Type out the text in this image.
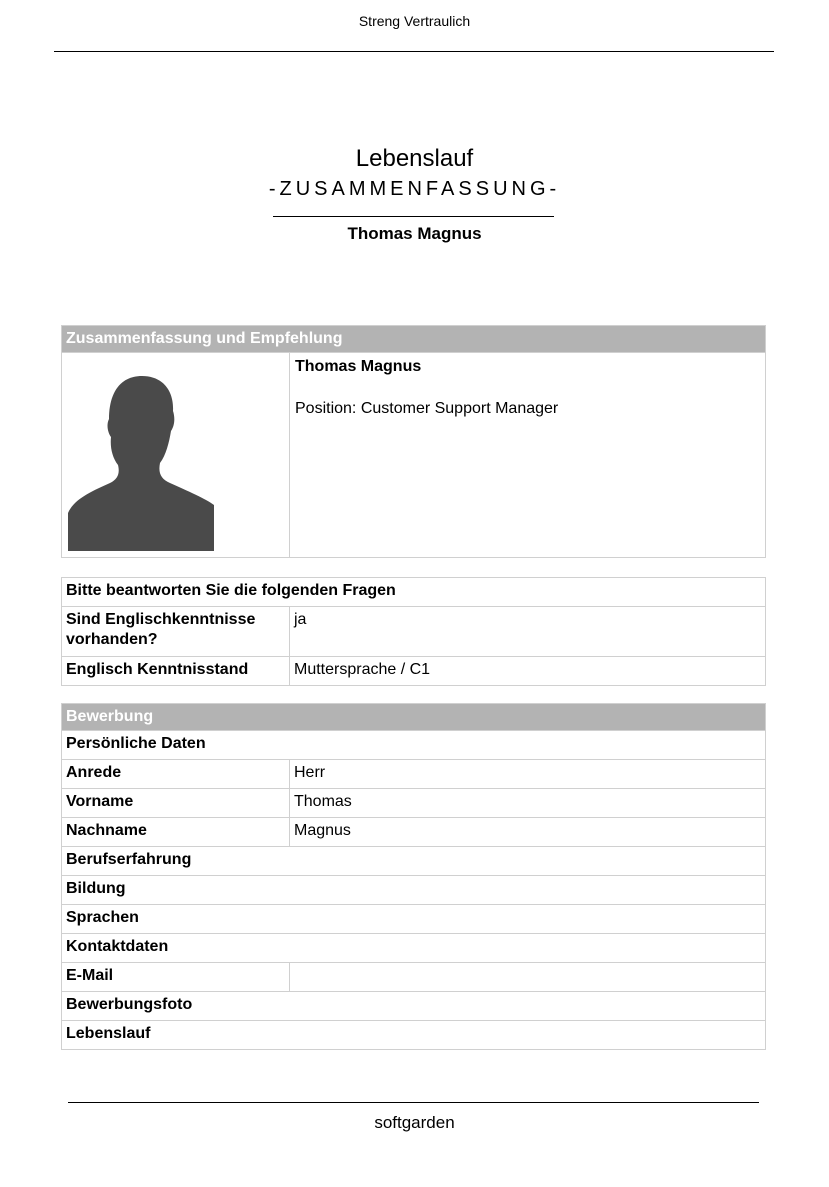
Streng Vertraulich
Lebenslauf
-ZUSAMMENFASSUNG-
Thomas Magnus
Zusammenfassung und Empfehlung

Thomas Magnus
Position: Customer Support Manager
Bitte beantworten Sie die folgenden Fragen	
Sind Englischkenntnisse vorhanden?	ja
Englisch Kenntnisstand	Muttersprache / C1
Bewerbung	
Persönliche Daten	
Anrede	Herr
Vorname	Thomas
Nachname	Magnus
Berufserfahrung	
Bildung	
Sprachen	
Kontaktdaten	
E-Mail	
Bewerbungsfoto	
Lebenslauf	
softgarden
